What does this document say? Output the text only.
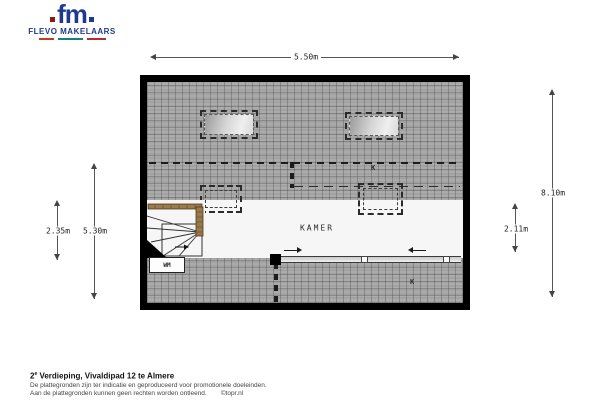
fm
FLEVO MAKELAARS
5.50m
5.30m
2.35m
8.10m
2.11m
K
KAMER
WM
K
2e Verdieping, Vivaldipad 12 te Almere
De plattegronden zijn ter indicatie en geproduceerd voor promotionele doeleinden.
Aan de plattegronden kunnen geen rechten worden ontleend. ©topr.nl
